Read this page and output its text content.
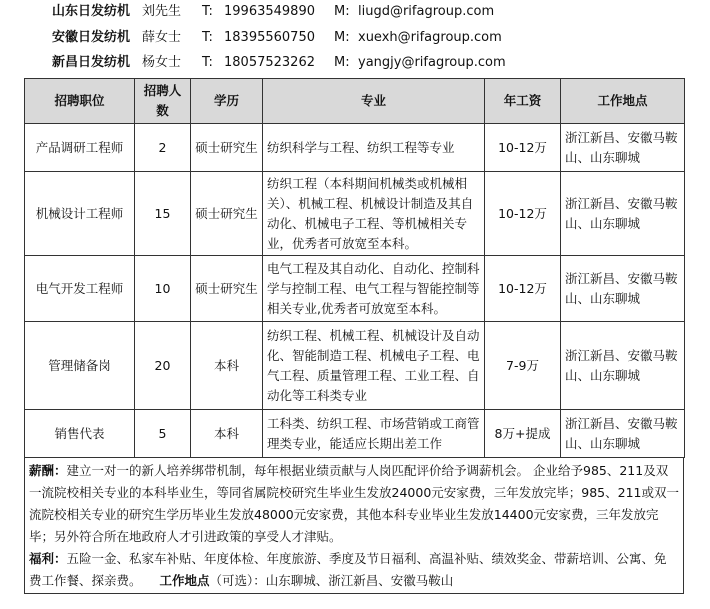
山东日发纺机 刘先生 T: 19963549890 M: liugd@rifagroup.com
安徽日发纺机 薛女士 T: 18395560750 M: xuexh@rifagroup.com
新昌日发纺机 杨女士 T: 18057523262 M: yangjy@rifagroup.com
招聘职位	招聘人数	学历	专业	年工资	工作地点
产品调研工程师	2	硕士研究生	纺织科学与工程、纺织工程等专业	10-12万	浙江新昌、安徽马鞍山、山东聊城
机械设计工程师	15	硕士研究生	纺织工程（本科期间机械类或机械相关）、机械工程、机械设计制造及其自动化、机械电子工程、等机械相关专业，优秀者可放宽至本科。	10-12万	浙江新昌、安徽马鞍山、山东聊城
电气开发工程师	10	硕士研究生	电气工程及其自动化、自动化、控制科学与控制工程、电气工程与智能控制等相关专业,优秀者可放宽至本科。	10-12万	浙江新昌、安徽马鞍山、山东聊城
管理储备岗	20	本科	纺织工程、机械工程、机械设计及自动化、智能制造工程、机械电子工程、电气工程、质量管理工程、工业工程、自动化等工科类专业	7-9万	浙江新昌、安徽马鞍山、山东聊城
销售代表	5	本科	工科类、纺织工程、市场营销或工商管理类专业，能适应长期出差工作	8万+提成	浙江新昌、安徽马鞍山、山东聊城
薪酬：建立一对一的新人培养绑带机制，每年根据业绩贡献与人岗匹配评价给予调薪机会。 企业给予985、211及双一流院校相关专业的本科毕业生，等同省属院校研究生毕业生发放24000元安家费，三年发放完毕；985、211或双一流院校相关专业的研究生学历毕业生发放48000元安家费，其他本科专业毕业生发放14400元安家费，三年发放完毕；另外符合所在地政府人才引进政策的享受人才津贴。
福利：五险一金、私家车补贴、年度体检、年度旅游、季度及节日福利、高温补贴、绩效奖金、带薪培训、公寓、免费工作餐、探亲费。 工作地点（可选）：山东聊城、浙江新昌、安徽马鞍山
